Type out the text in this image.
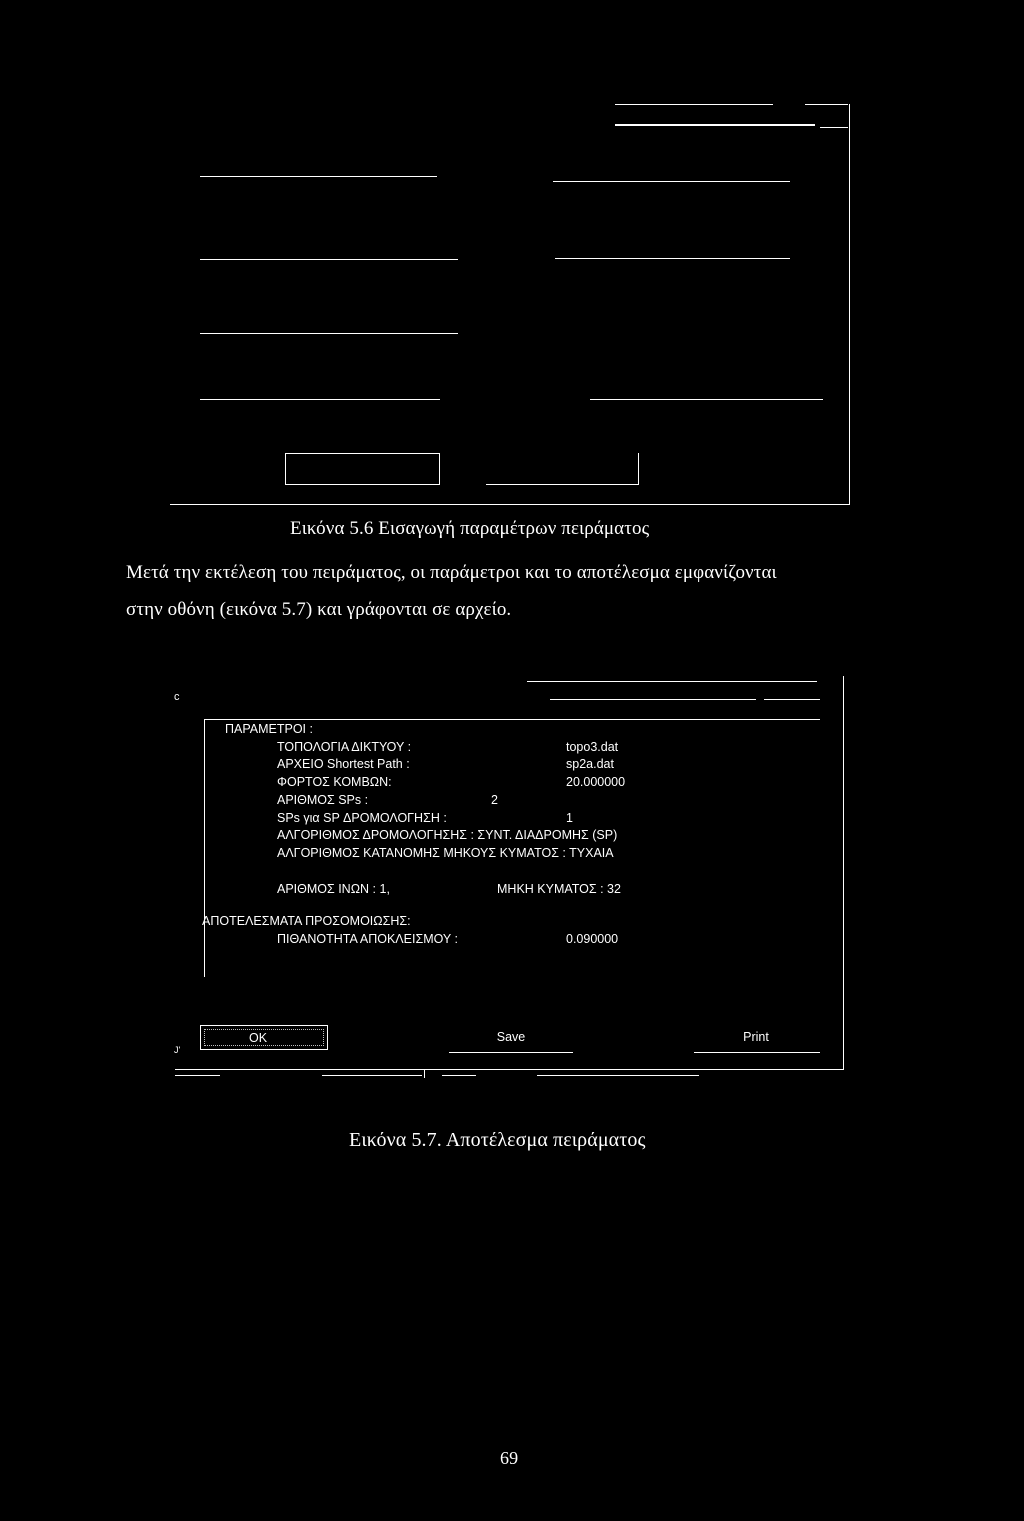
Εικόνα 5.6 Εισαγωγή παραμέτρων πειράματος
Μετά την εκτέλεση του πειράματος, οι παράμετροι και το αποτέλεσμα εμφανίζονται
στην οθόνη (εικόνα 5.7) και γράφονται σε αρχείο.
c
ΠΑΡΑΜΕΤΡΟΙ :
ΤΟΠΟΛΟΓΙΑ ΔΙΚΤΥΟΥ :	topo3.dat
ΑΡΧΕΙΟ Shortest Path :	sp2a.dat
ΦΟΡΤΟΣ ΚΟΜΒΩΝ:	20.000000
ΑΡΙΘΜΟΣ SPs :	2
SPs για SP ΔΡΟΜΟΛΟΓΗΣΗ :	1
ΑΛΓΟΡΙΘΜΟΣ ΔΡΟΜΟΛΟΓΗΣΗΣ : ΣΥΝΤ. ΔΙΑΔΡΟΜΗΣ (SP)
ΑΛΓΟΡΙΘΜΟΣ ΚΑΤΑΝΟΜΗΣ ΜΗΚΟΥΣ ΚΥΜΑΤΟΣ : ΤΥΧΑΙΑ
ΑΡΙΘΜΟΣ ΙΝΩΝ : 1,	ΜΗΚΗ ΚΥΜΑΤΟΣ : 32
ΑΠΟΤΕΛΕΣΜΑΤΑ ΠΡΟΣΟΜΟΙΩΣΗΣ:
ΠΙΘΑΝΟΤΗΤΑ ΑΠΟΚΛΕΙΣΜΟΥ :	0.090000
J'
OK	Save	Print
Εικόνα 5.7. Αποτέλεσμα πειράματος
69
